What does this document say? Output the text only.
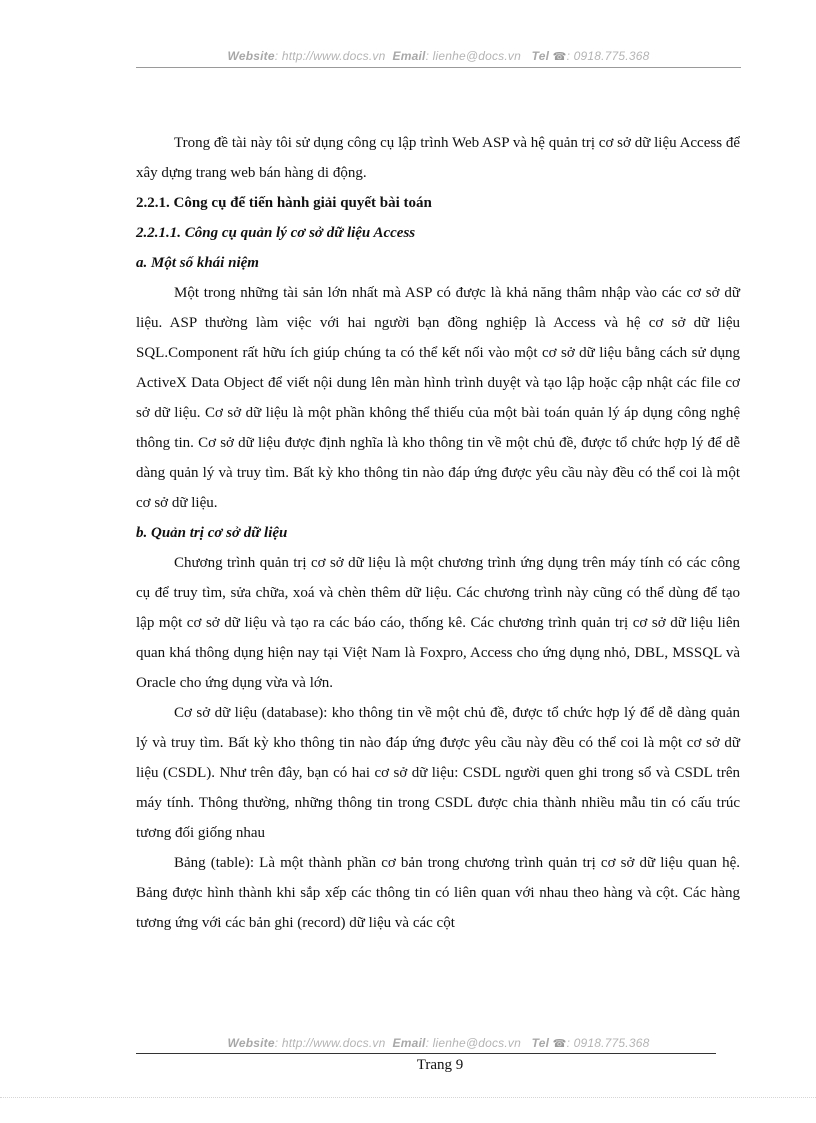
Website: http://www.docs.vn Email: lienhe@docs.vn Tel ☎: 0918.775.368

Trong đề tài này tôi sử dụng công cụ lập trình Web ASP và hệ quản trị cơ sở dữ liệu Access để xây dựng trang web bán hàng di động.

2.2.1. Công cụ để tiến hành giải quyết bài toán

2.2.1.1. Công cụ quản lý cơ sở dữ liệu Access

a. Một số khái niệm

Một trong những tài sản lớn nhất mà ASP có được là khả năng thâm nhập vào các cơ sở dữ liệu. ASP thường làm việc với hai người bạn đồng nghiệp là Access và hệ cơ sở dữ liệu SQL.Component rất hữu ích giúp chúng ta có thể kết nối vào một cơ sở dữ liệu bằng cách sử dụng ActiveX Data Object để viết nội dung lên màn hình trình duyệt và tạo lập hoặc cập nhật các file cơ sở dữ liệu. Cơ sở dữ liệu là một phần không thể thiếu của một bài toán quản lý áp dụng công nghệ thông tin. Cơ sở dữ liệu được định nghĩa là kho thông tin về một chủ đề, được tổ chức hợp lý để dễ dàng quản lý và truy tìm. Bất kỳ kho thông tin nào đáp ứng được yêu cầu này đều có thể coi là một cơ sở dữ liệu.

b. Quản trị cơ sở dữ liệu

Chương trình quản trị cơ sở dữ liệu là một chương trình ứng dụng trên máy tính có các công cụ để truy tìm, sửa chữa, xoá và chèn thêm dữ liệu. Các chương trình này cũng có thể dùng để tạo lập một cơ sở dữ liệu và tạo ra các báo cáo, thống kê. Các chương trình quản trị cơ sở dữ liệu liên quan khá thông dụng hiện nay tại Việt Nam là Foxpro, Access cho ứng dụng nhỏ, DBL, MSSQL và Oracle cho ứng dụng vừa và lớn.

Cơ sở dữ liệu (database): kho thông tin về một chủ đề, được tổ chức hợp lý để dễ dàng quản lý và truy tìm. Bất kỳ kho thông tin nào đáp ứng được yêu cầu này đều có thể coi là một cơ sở dữ liệu (CSDL). Như trên đây, bạn có hai cơ sở dữ liệu: CSDL người quen ghi trong sổ và CSDL trên máy tính. Thông thường, những thông tin trong CSDL được chia thành nhiều mẫu tin có cấu trúc tương đối giống nhau

Bảng (table): Là một thành phần cơ bản trong chương trình quản trị cơ sở dữ liệu quan hệ. Bảng được hình thành khi sắp xếp các thông tin có liên quan với nhau theo hàng và cột. Các hàng tương ứng với các bản ghi (record) dữ liệu và các cột

Website: http://www.docs.vn Email: lienhe@docs.vn Tel ☎: 0918.775.368
Trang 9
